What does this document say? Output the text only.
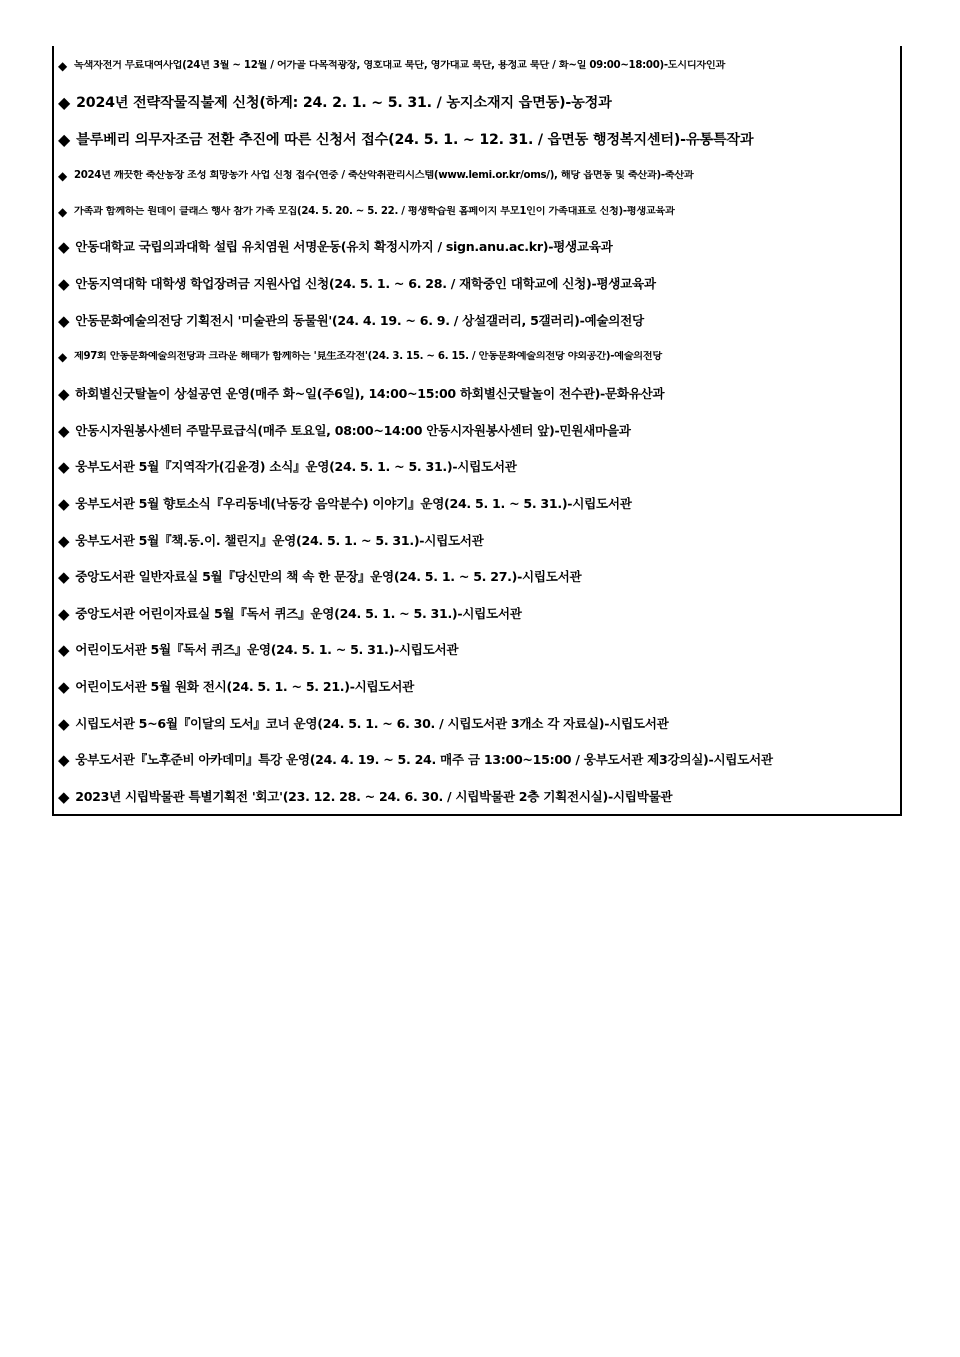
◆ 녹색자전거 무료대여사업(24년 3월 ~ 12월 / 어가골 다목적광장, 영호대교 북단, 영가대교 북단, 용정교 북단 / 화~일 09:00~18:00)-도시디자인과
◆ 2024년 전략작물직불제 신청(하계: 24. 2. 1. ~ 5. 31. / 농지소재지 읍면동)-농정과
◆ 블루베리 의무자조금 전환 추진에 따른 신청서 접수(24. 5. 1. ~ 12. 31. / 읍면동 행정복지센터)-유통특작과
◆ 2024년 깨끗한 축산농장 조성 희망농가 사업 신청 접수(연중 / 축산악취관리시스템(www.lemi.or.kr/oms/), 해당 읍면동 및 축산과)-축산과
◆ 가족과 함께하는 원데이 클래스 행사 참가 가족 모집(24. 5. 20. ~ 5. 22. / 평생학습원 홈페이지 부모1인이 가족대표로 신청)-평생교육과
◆ 안동대학교 국립의과대학 설립 유치염원 서명운동(유치 확정시까지 / sign.anu.ac.kr)-평생교육과
◆ 안동지역대학 대학생 학업장려금 지원사업 신청(24. 5. 1. ~ 6. 28. / 재학중인 대학교에 신청)-평생교육과
◆ 안동문화예술의전당 기획전시 '미술관의 동물원'(24. 4. 19. ~ 6. 9. / 상설갤러리, 5갤러리)-예술의전당
◆ 제97회 안동문화예술의전당과 크라운 해태가 함께하는 '見生조각전'(24. 3. 15. ~ 6. 15. / 안동문화예술의전당 야외공간)-예술의전당
◆ 하회별신굿탈놀이 상설공연 운영(매주 화~일(주6일), 14:00~15:00 하회별신굿탈놀이 전수관)-문화유산과
◆ 안동시자원봉사센터 주말무료급식(매주 토요일, 08:00~14:00 안동시자원봉사센터 앞)-민원새마을과
◆ 웅부도서관 5월『지역작가(김윤경) 소식』운영(24. 5. 1. ~ 5. 31.)-시립도서관
◆ 웅부도서관 5월 향토소식『우리동네(낙동강 음악분수) 이야기』운영(24. 5. 1. ~ 5. 31.)-시립도서관
◆ 웅부도서관 5월『책.동.이. 챌린지』운영(24. 5. 1. ~ 5. 31.)-시립도서관
◆ 중앙도서관 일반자료실 5월『당신만의 책 속 한 문장』운영(24. 5. 1. ~ 5. 27.)-시립도서관
◆ 중앙도서관 어린이자료실 5월『독서 퀴즈』운영(24. 5. 1. ~ 5. 31.)-시립도서관
◆ 어린이도서관 5월『독서 퀴즈』운영(24. 5. 1. ~ 5. 31.)-시립도서관
◆ 어린이도서관 5월 원화 전시(24. 5. 1. ~ 5. 21.)-시립도서관
◆ 시립도서관 5~6월『이달의 도서』코너 운영(24. 5. 1. ~ 6. 30. / 시립도서관 3개소 각 자료실)-시립도서관
◆ 웅부도서관『노후준비 아카데미』특강 운영(24. 4. 19. ~ 5. 24. 매주 금 13:00~15:00 / 웅부도서관 제3강의실)-시립도서관
◆ 2023년 시립박물관 특별기획전 '회고'(23. 12. 28. ~ 24. 6. 30. / 시립박물관 2층 기획전시실)-시립박물관
